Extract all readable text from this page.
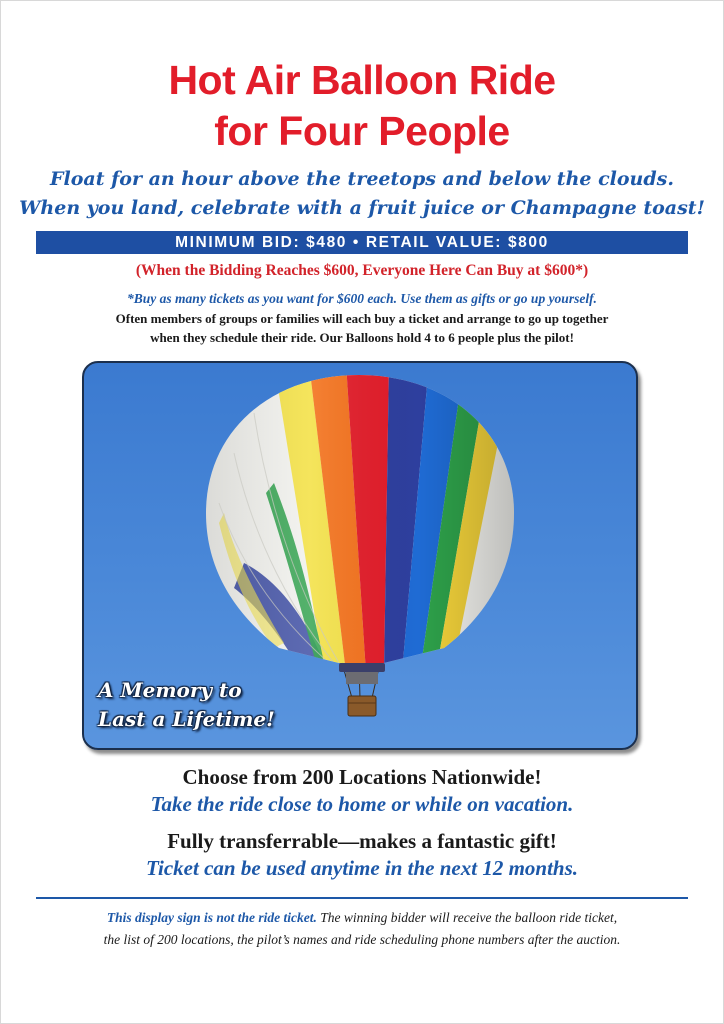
Hot Air Balloon Ride
for Four People
Float for an hour above the treetops and below the clouds.
When you land, celebrate with a fruit juice or Champagne toast!
MINIMUM BID: $480 • RETAIL VALUE: $800
(When the Bidding Reaches $600, Everyone Here Can Buy at $600*)
*Buy as many tickets as you want for $600 each. Use them as gifts or go up yourself.
Often members of groups or families will each buy a ticket and arrange to go up together
when they schedule their ride. Our Balloons hold 4 to 6 people plus the pilot!
A Memory to
Last a Lifetime!
Choose from 200 Locations Nationwide!
Take the ride close to home or while on vacation.
Fully transferrable—makes a fantastic gift!
Ticket can be used anytime in the next 12 months.
This display sign is not the ride ticket. The winning bidder will receive the balloon ride ticket,
the list of 200 locations, the pilot’s names and ride scheduling phone numbers after the auction.
